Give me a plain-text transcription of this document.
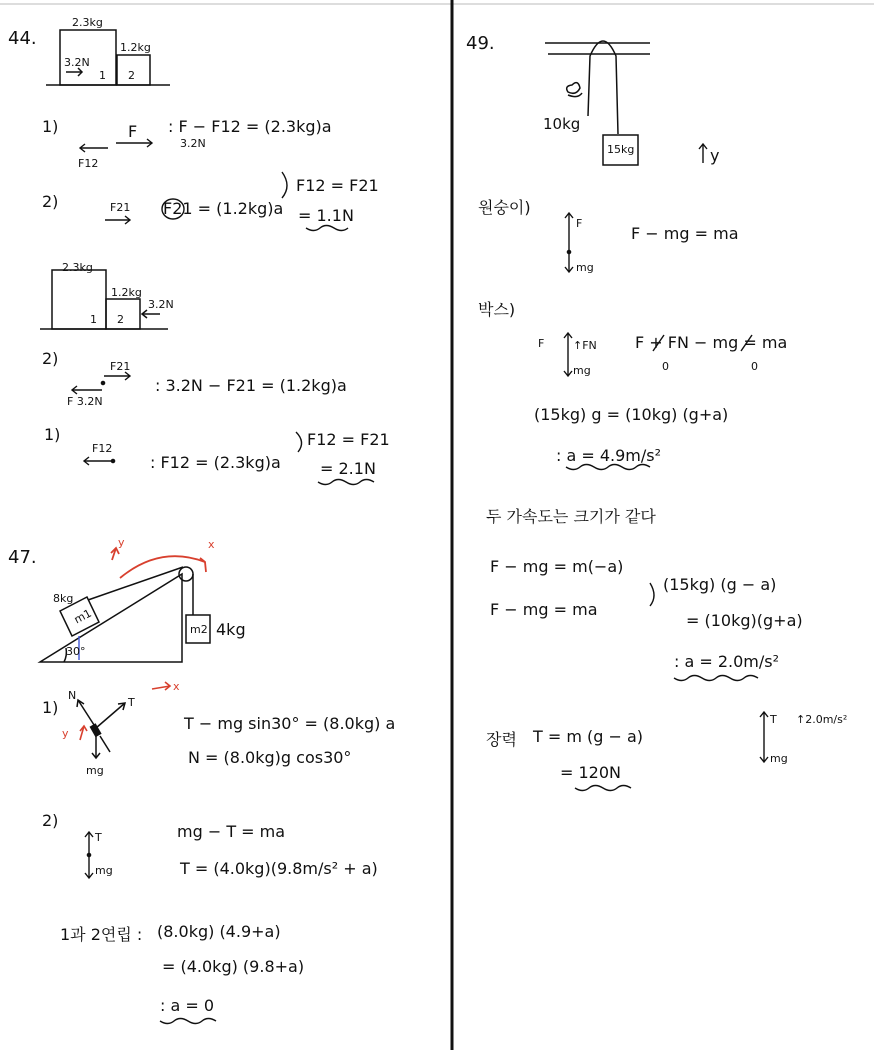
44.
2.3kg
1.2kg
3.2N
1 2
1)	F
F12
: F − F12 = (2.3kg)a
3.2N
2)	F21 F21 = (1.2kg)a
F12 = F21
= 1.1N
2.3kg
1.2kg
3.2N
1 2
2)	F21
F 3.2N
: 3.2N − F21 = (1.2kg)a
1)
F12
: F12 = (2.3kg)a
F12 = F21
= 2.1N
47.
y	x
8kg
m1
30°
m2 4kg
1)
N
T
x
y
mg
T − mg sin30° = (8.0kg) a
N = (8.0kg)g cos30°
2)
T
mg
mg − T = ma
T = (4.0kg)(9.8m/s² + a)
1과 2연립 : (8.0kg) (4.9+a)
= (4.0kg) (9.8+a)
: a = 0
49.
10kg
15kg	y
원숭이)
F
mg
F − mg = ma
박스)
F	↑FN
mg
F + FN − mg = ma
0	0
(15kg) g = (10kg) (g+a)
: a = 4.9m/s²
두 가속도는 크기가 같다
F − mg = m(−a)
F − mg = ma
(15kg) (g − a)
= (10kg)(g+a)
: a = 2.0m/s²
장력 T = m (g − a)
= 120N
T ↑2.0m/s²
mg
